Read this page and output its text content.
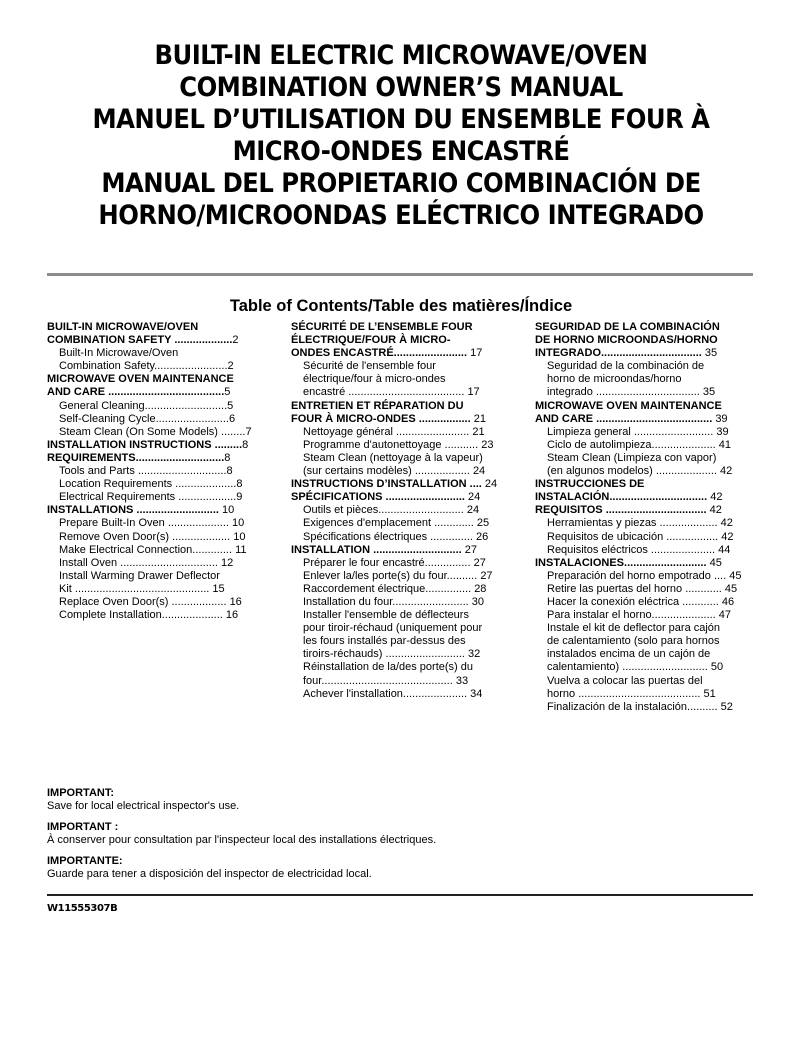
BUILT-IN ELECTRIC MICROWAVE/OVEN
COMBINATION OWNER’S MANUAL
MANUEL D’UTILISATION DU ENSEMBLE FOUR À
MICRO-ONDES ENCASTRÉ
MANUAL DEL PROPIETARIO COMBINACIÓN DE
HORNO/MICROONDAS ELÉCTRICO INTEGRADO
Table of Contents/Table des matières/Índice
BUILT-IN MICROWAVE/OVEN
COMBINATION SAFETY ...................2
Built-In Microwave/Oven
Combination Safety........................2
MICROWAVE OVEN MAINTENANCE
AND CARE ......................................5
General Cleaning...........................5
Self-Cleaning Cycle........................6
Steam Clean (On Some Models) ........7
INSTALLATION INSTRUCTIONS .........8
REQUIREMENTS.............................8
Tools and Parts .............................8
Location Requirements ....................8
Electrical Requirements ...................9
INSTALLATIONS ........................... 10
Prepare Built-In Oven .................... 10
Remove Oven Door(s) ................... 10
Make Electrical Connection............. 11
Install Oven ................................ 12
Install Warming Drawer Deflector
Kit ............................................ 15
Replace Oven Door(s) .................. 16
Complete Installation.................... 16
SÉCURITÉ DE L’ENSEMBLE FOUR
ÉLECTRIQUE/FOUR À MICRO-
ONDES ENCASTRÉ........................ 17
Sécurité de l'ensemble four
électrique/four à micro-ondes
encastré ...................................... 17
ENTRETIEN ET RÉPARATION DU
FOUR À MICRO-ONDES ................. 21
Nettoyage général ........................ 21
Programme d'autonettoyage ........... 23
Steam Clean (nettoyage à la vapeur)
(sur certains modèles) .................. 24
INSTRUCTIONS D’INSTALLATION .... 24
SPÉCIFICATIONS .......................... 24
Outils et pièces............................ 24
Exigences d'emplacement ............. 25
Spécifications électriques .............. 26
INSTALLATION ............................. 27
Préparer le four encastré............... 27
Enlever la/les porte(s) du four.......... 27
Raccordement électrique............... 28
Installation du four......................... 30
Installer l'ensemble de déflecteurs
pour tiroir-réchaud (uniquement pour
les fours installés par-dessus des
tiroirs-réchauds) .......................... 32
Réinstallation de la/des porte(s) du
four........................................... 33
Achever l'installation..................... 34
SEGURIDAD DE LA COMBINACIÓN
DE HORNO MICROONDAS/HORNO
INTEGRADO................................. 35
Seguridad de la combinación de
horno de microondas/horno
integrado .................................. 35
MICROWAVE OVEN MAINTENANCE
AND CARE ...................................... 39
Limpieza general .......................... 39
Ciclo de autolimpieza..................... 41
Steam Clean (Limpieza con vapor)
(en algunos modelos) .................... 42
INSTRUCCIONES DE
INSTALACIÓN................................ 42
REQUISITOS ................................. 42
Herramientas y piezas ................... 42
Requisitos de ubicación ................. 42
Requisitos eléctricos ..................... 44
INSTALACIONES........................... 45
Preparación del horno empotrado .... 45
Retire las puertas del horno ............ 45
Hacer la conexión eléctrica ............ 46
Para instalar el horno..................... 47
Instale el kit de deflector para cajón
de calentamiento (solo para hornos
instalados encima de un cajón de
calentamiento) ............................ 50
Vuelva a colocar las puertas del
horno ........................................ 51
Finalización de la instalación.......... 52
IMPORTANT:
Save for local electrical inspector's use.
IMPORTANT :
À conserver pour consultation par l'inspecteur local des installations électriques.
IMPORTANTE:
Guarde para tener a disposición del inspector de electricidad local.
W11555307B
